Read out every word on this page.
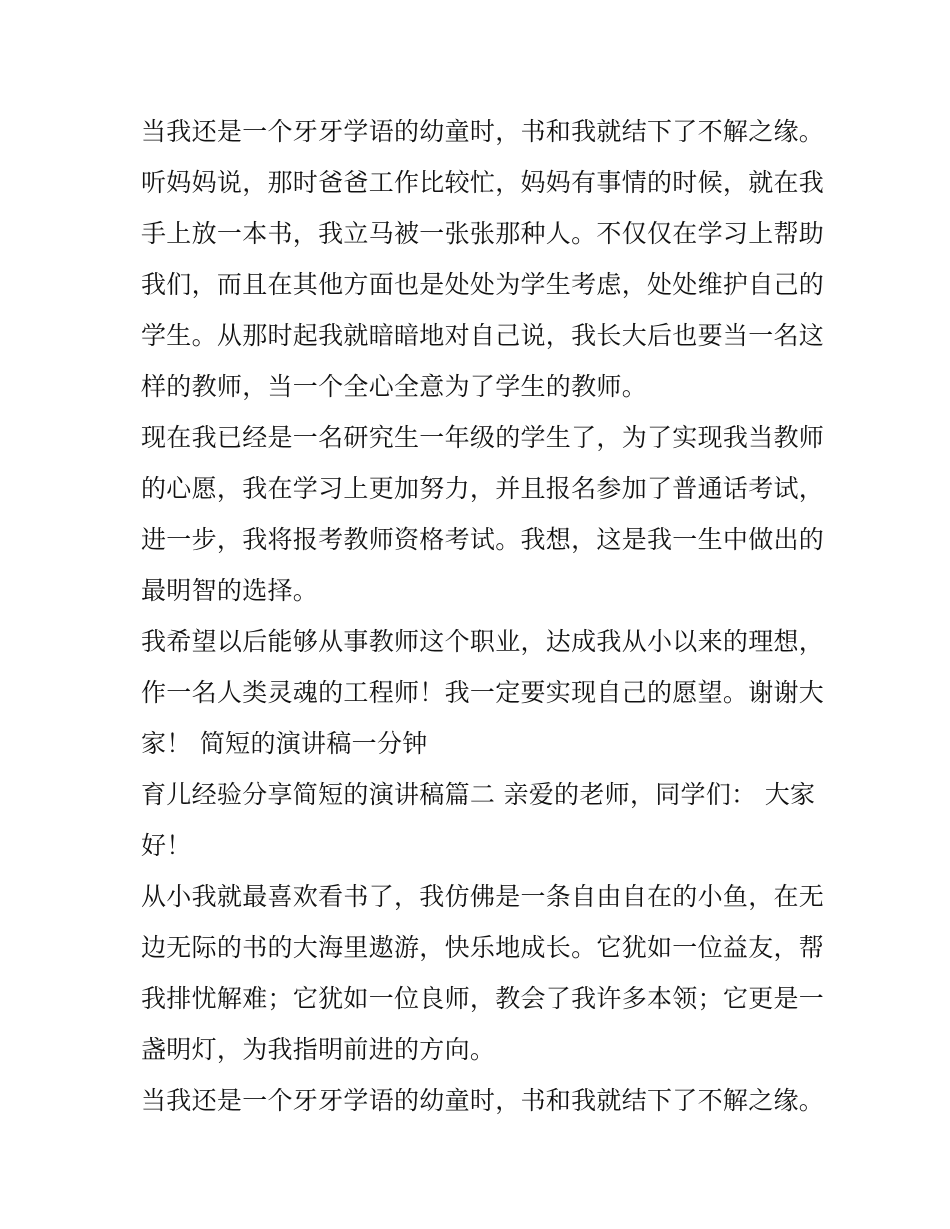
当我还是一个牙牙学语的幼童时，书和我就结下了不解之缘。
听妈妈说，那时爸爸工作比较忙，妈妈有事情的时候，就在我
手上放一本书，我立马被一张张那种人。不仅仅在学习上帮助
我们，而且在其他方面也是处处为学生考虑，处处维护自己的
学生。从那时起我就暗暗地对自己说，我长大后也要当一名这
样的教师，当一个全心全意为了学生的教师。
现在我已经是一名研究生一年级的学生了，为了实现我当教师
的心愿，我在学习上更加努力，并且报名参加了普通话考试，
进一步，我将报考教师资格考试。我想，这是我一生中做出的
最明智的选择。
我希望以后能够从事教师这个职业，达成我从小以来的理想，
作一名人类灵魂的工程师！我一定要实现自己的愿望。谢谢大
家！ 简短的演讲稿一分钟
育儿经验分享简短的演讲稿篇二 亲爱的老师，同学们： 大家
好！
从小我就最喜欢看书了，我仿佛是一条自由自在的小鱼，在无
边无际的书的大海里遨游，快乐地成长。它犹如一位益友，帮
我排忧解难；它犹如一位良师，教会了我许多本领；它更是一
盏明灯，为我指明前进的方向。
当我还是一个牙牙学语的幼童时，书和我就结下了不解之缘。
